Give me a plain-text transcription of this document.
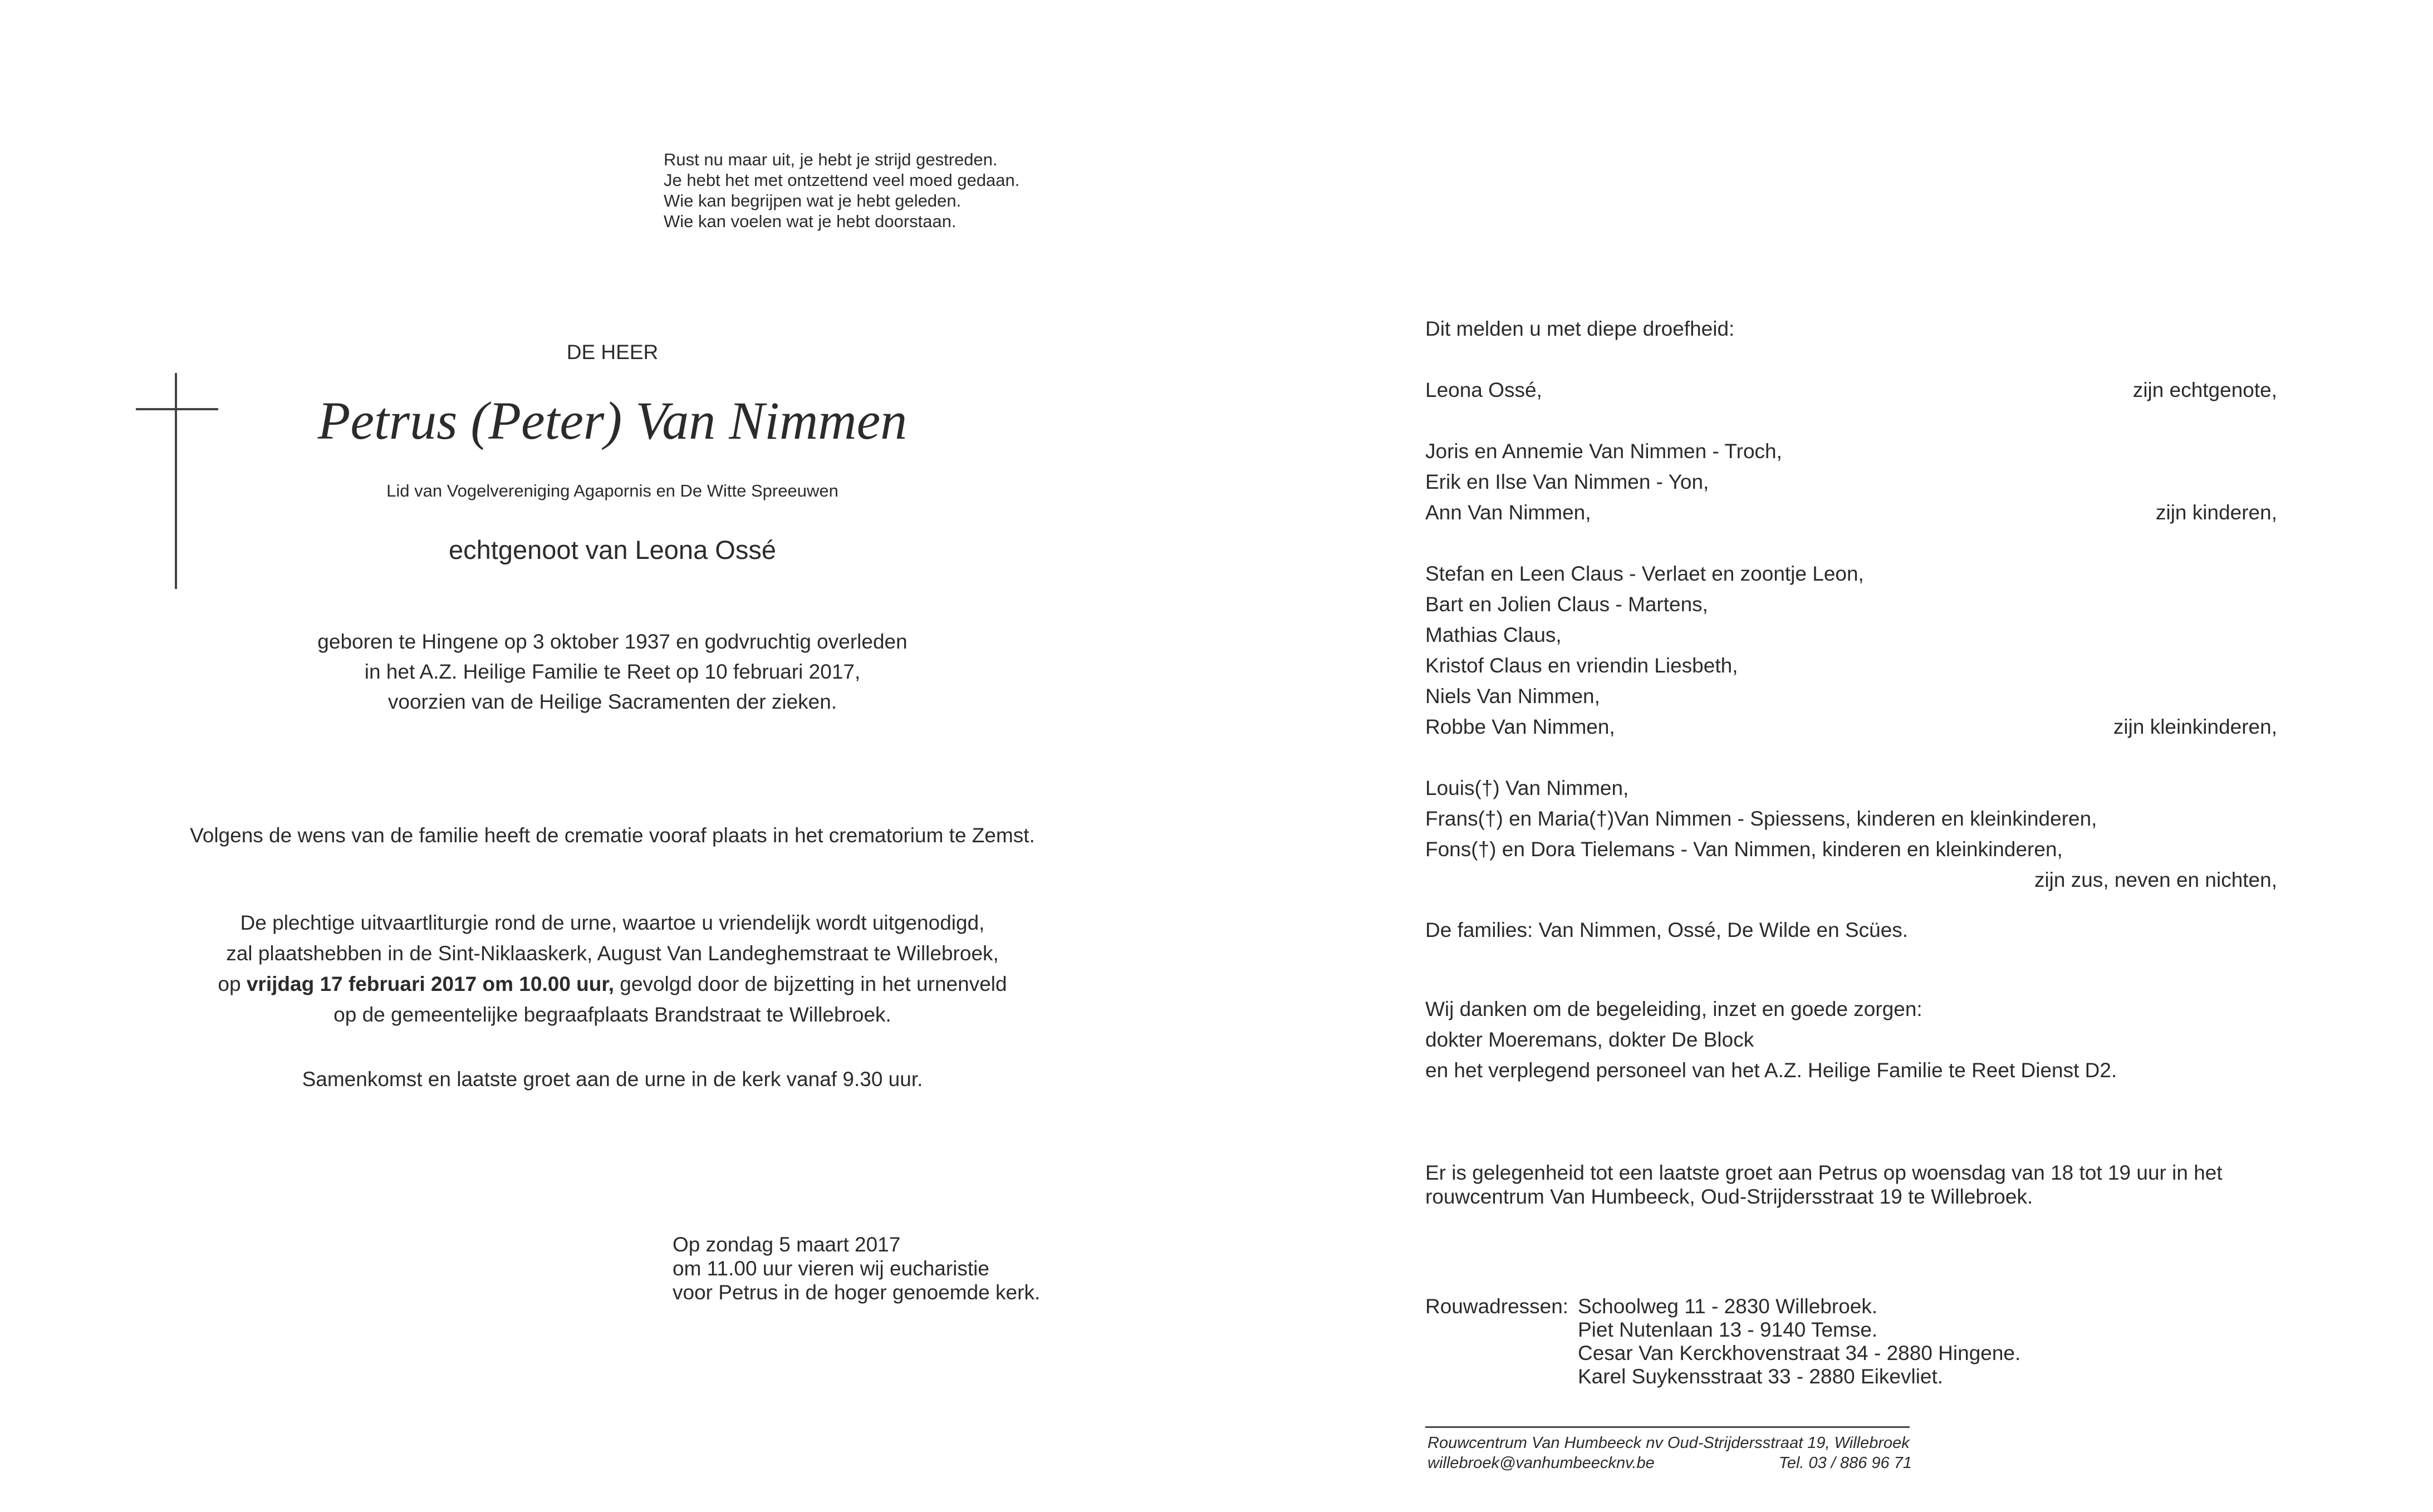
Rust nu maar uit, je hebt je strijd gestreden.
Je hebt het met ontzettend veel moed gedaan.
Wie kan begrijpen wat je hebt geleden.
Wie kan voelen wat je hebt doorstaan.
DE HEER
Petrus (Peter) Van Nimmen
Lid van Vogelvereniging Agapornis en De Witte Spreeuwen
echtgenoot van Leona Ossé
geboren te Hingene op 3 oktober 1937 en godvruchtig overleden
in het A.Z. Heilige Familie te Reet op 10 februari 2017,
voorzien van de Heilige Sacramenten der zieken.
Volgens de wens van de familie heeft de crematie vooraf plaats in het crematorium te Zemst.
De plechtige uitvaartliturgie rond de urne, waartoe u vriendelijk wordt uitgenodigd,
zal plaatshebben in de Sint-Niklaaskerk, August Van Landeghemstraat te Willebroek,
op vrijdag 17 februari 2017 om 10.00 uur, gevolgd door de bijzetting in het urnenveld
op de gemeentelijke begraafplaats Brandstraat te Willebroek.
Samenkomst en laatste groet aan de urne in de kerk vanaf 9.30 uur.
Op zondag 5 maart 2017
om 11.00 uur vieren wij eucharistie
voor Petrus in de hoger genoemde kerk.
Dit melden u met diepe droefheid:
Leona Ossé,	zijn echtgenote,
Joris en Annemie Van Nimmen - Troch,
Erik en Ilse Van Nimmen - Yon,
Ann Van Nimmen,	zijn kinderen,
Stefan en Leen Claus - Verlaet en zoontje Leon,
Bart en Jolien Claus - Martens,
Mathias Claus,
Kristof Claus en vriendin Liesbeth,
Niels Van Nimmen,
Robbe Van Nimmen,	zijn kleinkinderen,
Louis(†) Van Nimmen,
Frans(†) en Maria(†)Van Nimmen - Spiessens, kinderen en kleinkinderen,
Fons(†) en Dora Tielemans - Van Nimmen, kinderen en kleinkinderen,
zijn zus, neven en nichten,
De families: Van Nimmen, Ossé, De Wilde en Scües.
Wij danken om de begeleiding, inzet en goede zorgen:
dokter Moeremans, dokter De Block
en het verplegend personeel van het A.Z. Heilige Familie te Reet Dienst D2.
Er is gelegenheid tot een laatste groet aan Petrus op woensdag van 18 tot 19 uur in het
rouwcentrum Van Humbeeck, Oud-Strijdersstraat 19 te Willebroek.
Rouwadressen: Schoolweg 11 - 2830 Willebroek.
Piet Nutenlaan 13 - 9140 Temse.
Cesar Van Kerckhovenstraat 34 - 2880 Hingene.
Karel Suykensstraat 33 - 2880 Eikevliet.
Rouwcentrum Van Humbeeck nv Oud-Strijdersstraat 19, Willebroek
willebroek@vanhumbeecknv.be	Tel. 03 / 886 96 71
